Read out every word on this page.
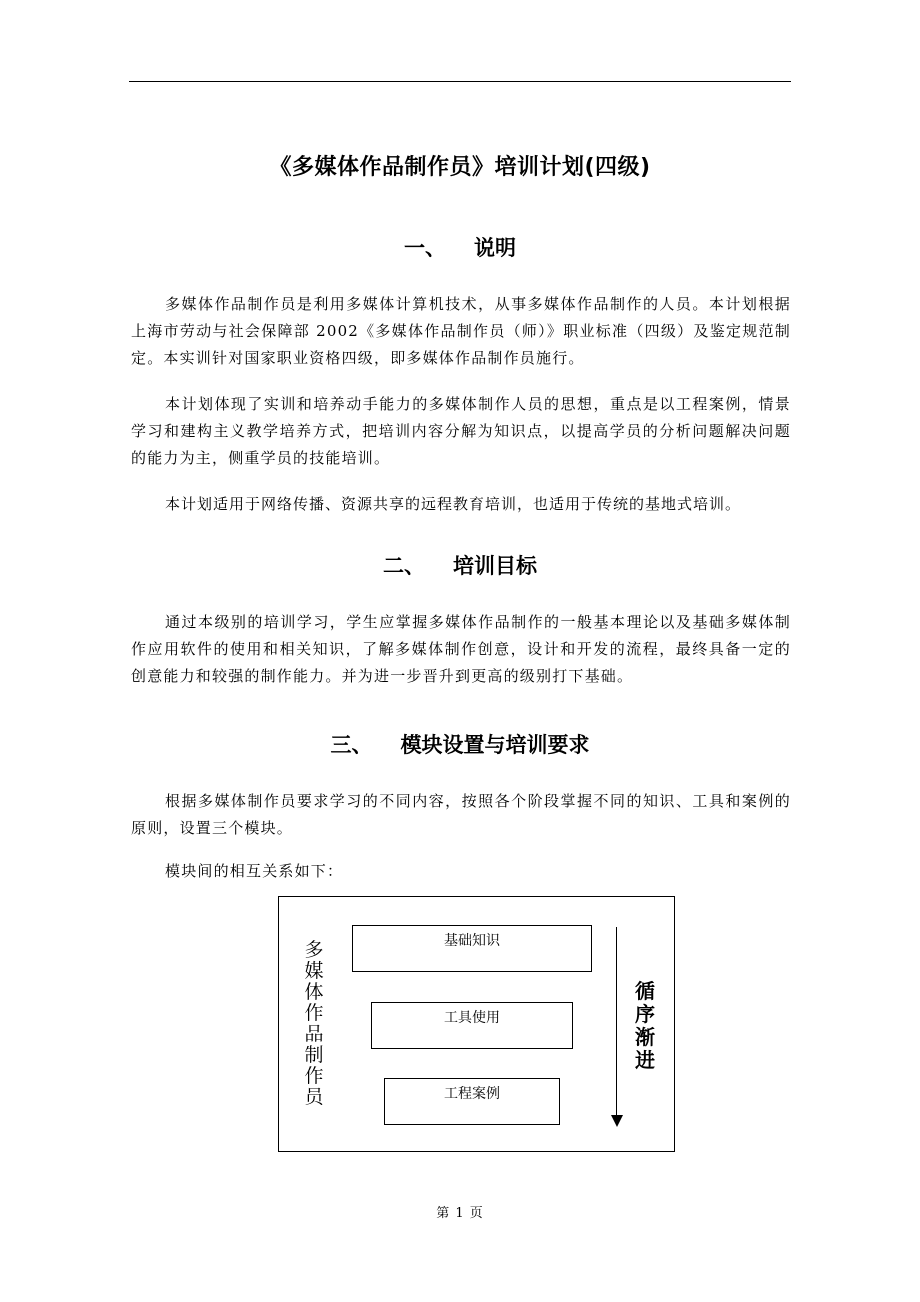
《多媒体作品制作员》培训计划(四级)
一、 说明

多媒体作品制作员是利用多媒体计算机技术，从事多媒体作品制作的人员。本计划根据上海市劳动与社会保障部 2002《多媒体作品制作员（师）》职业标准（四级）及鉴定规范制定。本实训针对国家职业资格四级，即多媒体作品制作员施行。

本计划体现了实训和培养动手能力的多媒体制作人员的思想，重点是以工程案例，情景学习和建构主义教学培养方式，把培训内容分解为知识点，以提高学员的分析问题解决问题的能力为主，侧重学员的技能培训。

本计划适用于网络传播、资源共享的远程教育培训，也适用于传统的基地式培训。

二、 培训目标

通过本级别的培训学习，学生应掌握多媒体作品制作的一般基本理论以及基础多媒体制作应用软件的使用和相关知识，了解多媒体制作创意，设计和开发的流程，最终具备一定的创意能力和较强的制作能力。并为进一步晋升到更高的级别打下基础。

三、 模块设置与培训要求

根据多媒体制作员要求学习的不同内容，按照各个阶段掌握不同的知识、工具和案例的原则，设置三个模块。

模块间的相互关系如下：

多媒体作品制作员
基础知识
工具使用
工程案例
循序渐进
第 1 页
